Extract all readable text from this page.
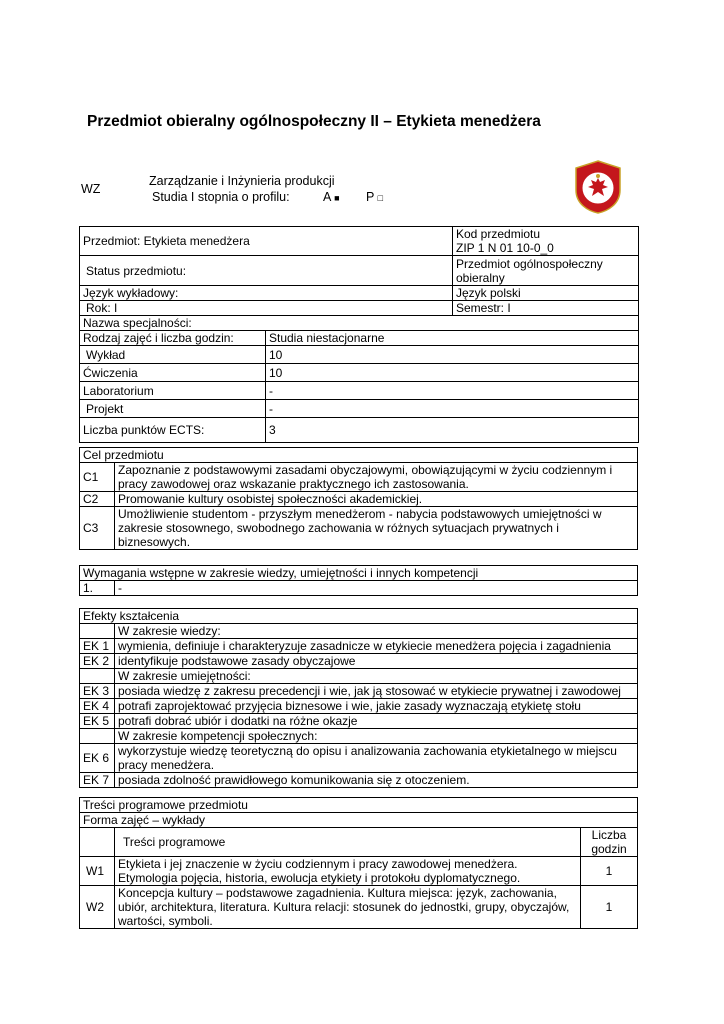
Przedmiot obieralny ogólnospołeczny II – Etykieta menedżera
WZ
Zarządzanie i Inżynieria produkcji
Studia I stopnia o profilu:	A ■ P □
Przedmiot: Etykieta menedżera		Kod przedmiotu
ZIP 1 N 01 10-0_0

Status przedmiotu:		Przedmiot ogólnospołeczny obieralny
Język wykładowy:		Język polski
Rok: I		Semestr: I
Nazwa specjalności:		
Rodzaj zajęć i liczba godzin:	Studia niestacjonarne	
Wykład	10	
Ćwiczenia	10	
Laboratorium	-	
Projekt	-	
Liczba punktów ECTS:	3	
Cel przedmiotu	
C1	Zapoznanie z podstawowymi zasadami obyczajowymi, obowiązującymi w życiu codziennym i pracy zawodowej oraz wskazanie praktycznego ich zastosowania.
C2	Promowanie kultury osobistej społeczności akademickiej.
C3	Umożliwienie studentom - przyszłym menedżerom - nabycia podstawowych umiejętności w zakresie stosownego, swobodnego zachowania w różnych sytuacjach prywatnych i biznesowych.
Wymagania wstępne w zakresie wiedzy, umiejętności i innych kompetencji
1.	-
Efekty kształcenia	
	W zakresie wiedzy:
EK 1	wymienia, definiuje i charakteryzuje zasadnicze w etykiecie menedżera pojęcia i zagadnienia
EK 2	identyfikuje podstawowe zasady obyczajowe
	W zakresie umiejętności:
EK 3	posiada wiedzę z zakresu precedencji i wie, jak ją stosować w etykiecie prywatnej i zawodowej
EK 4	potrafi zaprojektować przyjęcia biznesowe i wie, jakie zasady wyznaczają etykietę stołu
EK 5	potrafi dobrać ubiór i dodatki na różne okazje
	W zakresie kompetencji społecznych:
EK 6	wykorzystuje wiedzę teoretyczną do opisu i analizowania zachowania etykietalnego w miejscu pracy menedżera.
EK 7	posiada zdolność prawidłowego komunikowania się z otoczeniem.
Treści programowe przedmiotu		
Forma zajęć – wykłady		
	Treści programowe	Liczba godzin
W1	Etykieta i jej znaczenie w życiu codziennym i pracy zawodowej menedżera. Etymologia pojęcia, historia, ewolucja etykiety i protokołu dyplomatycznego.	1
W2	Koncepcja kultury – podstawowe zagadnienia. Kultura miejsca: język, zachowania, ubiór, architektura, literatura. Kultura relacji: stosunek do jednostki, grupy, obyczajów, wartości, symboli.	1
